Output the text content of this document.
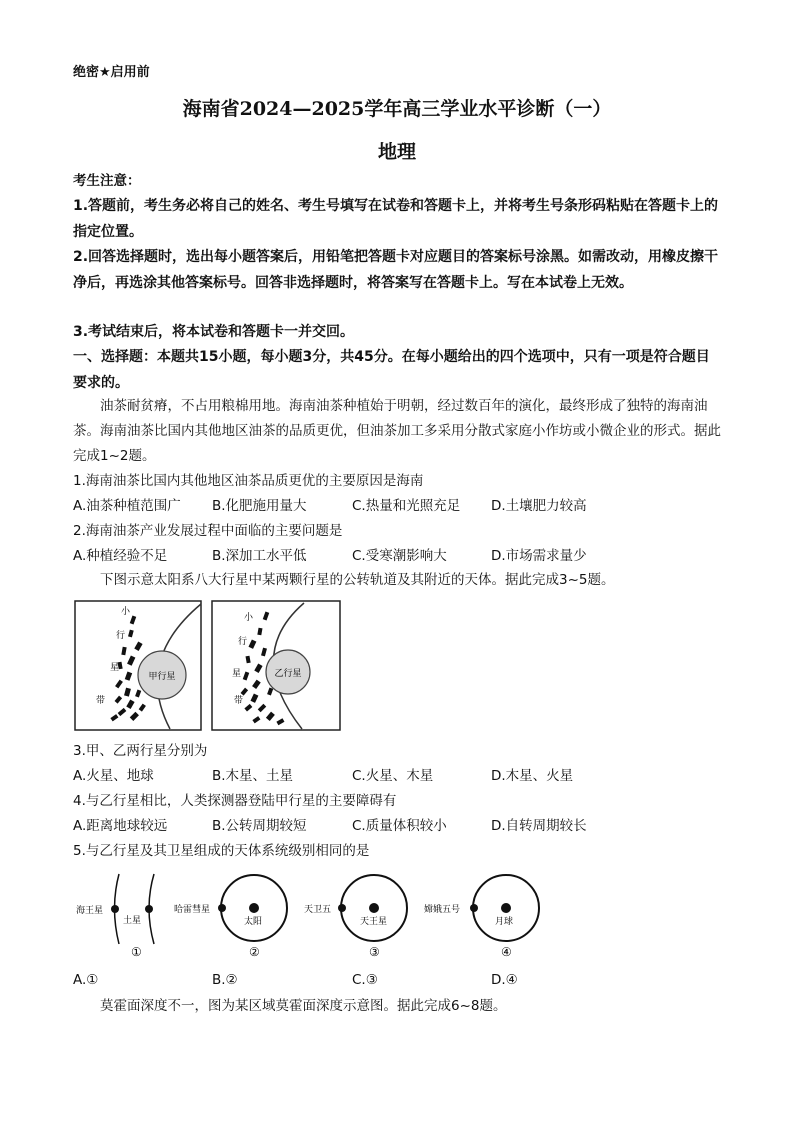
绝密★启用前
海南省2024—2025学年高三学业水平诊断（一）
地理
考生注意：
1.答题前，考生务必将自己的姓名、考生号填写在试卷和答题卡上，并将考生号条形码粘贴在答题卡上的指定位置。
2.回答选择题时，选出每小题答案后，用铅笔把答题卡对应题目的答案标号涂黑。如需改动，用橡皮擦干净后，再选涂其他答案标号。回答非选择题时，将答案写在答题卡上。写在本试卷上无效。
3.考试结束后，将本试卷和答题卡一并交回。
一、选择题：本题共15小题，每小题3分，共45分。在每小题给出的四个选项中，只有一项是符合题目要求的。
油茶耐贫瘠，不占用粮棉用地。海南油茶种植始于明朝，经过数百年的演化，最终形成了独特的海南油茶。海南油茶比国内其他地区油茶的品质更优，但油茶加工多采用分散式家庭小作坊或小微企业的形式。据此完成1~2题。
1.海南油茶比国内其他地区油茶品质更优的主要原因是海南
A.油茶种植范围广 B.化肥施用量大	C.热量和光照充足 D.土壤肥力较高
2.海南油茶产业发展过程中面临的主要问题是
A.种植经验不足	B.深加工水平低	C.受寒潮影响大	D.市场需求量少
下图示意太阳系八大行星中某两颗行星的公转轨道及其附近的天体。据此完成3~5题。
甲行星
小
行
星
带
乙行星
小
行
星
带
3.甲、乙两行星分别为
A.火星、地球	B.木星、土星	C.火星、木星	D.木星、火星
4.与乙行星相比，人类探测器登陆甲行星的主要障碍有
A.距离地球较远	B.公转周期较短	C.质量体积较小	D.自转周期较长
5.与乙行星及其卫星组成的天体系统级别相同的是
海王星
土星
①
哈雷彗星
太阳
②
天卫五
天王星
③
嫦娥五号
月球
④
A.①	B.②	C.③	D.④
莫霍面深度不一，图为某区域莫霍面深度示意图。据此完成6~8题。
